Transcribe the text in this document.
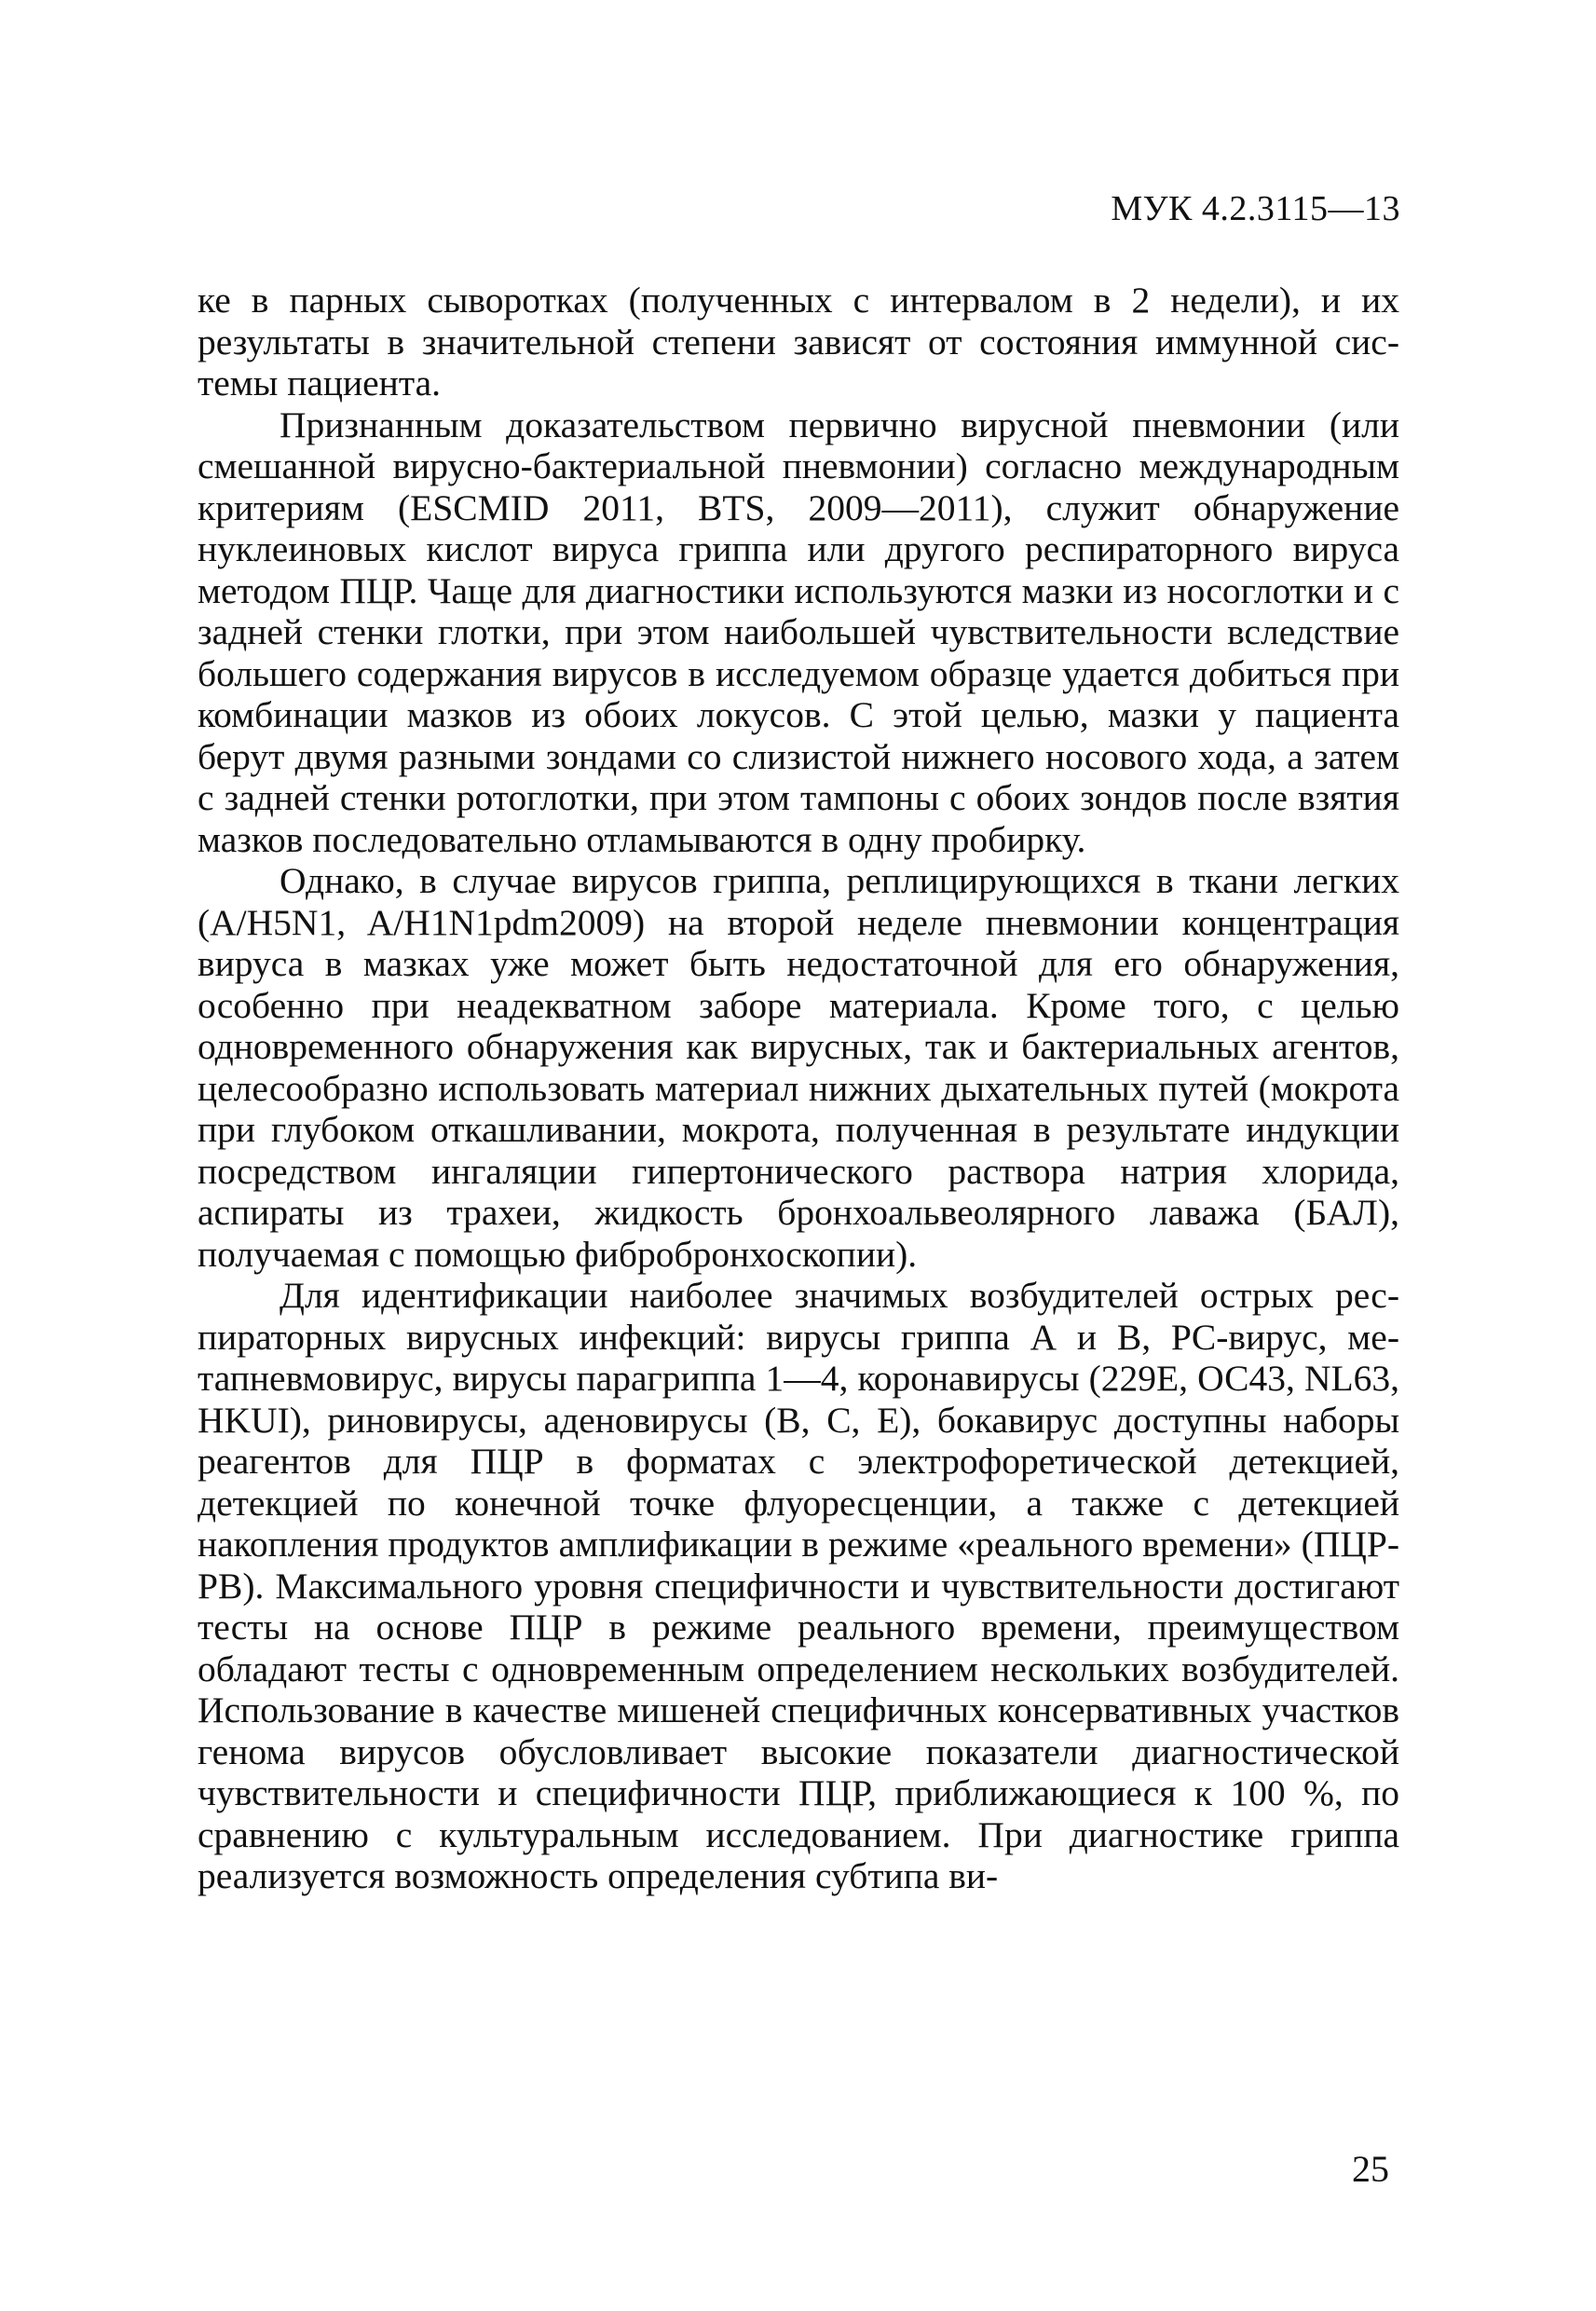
МУК 4.2.3115—13

ке в парных сыворотках (полученных с интервалом в 2 недели), и их результаты в значительной степени зависят от состояния иммунной системы пациента.

Признанным доказательством первично вирусной пневмонии (или смешанной вирусно-бактериальной пневмонии) согласно международным критериям (ESCMID 2011, BTS, 2009—2011), служит обнаружение нуклеиновых кислот вируса гриппа или другого респираторного вируса методом ПЦР. Чаще для диагностики используются мазки из носоглотки и с задней стенки глотки, при этом наибольшей чувствительности вследствие большего содержания вирусов в исследуемом образце удается добиться при комбинации мазков из обоих локусов. С этой целью, мазки у пациента берут двумя разными зондами со слизистой нижнего носового хода, а затем с задней стенки ротоглотки, при этом тампоны с обоих зондов после взятия мазков последовательно отламываются в одну пробирку.

Однако, в случае вирусов гриппа, реплицирующихся в ткани легких (A/H5N1, A/H1N1pdm2009) на второй неделе пневмонии концентрация вируса в мазках уже может быть недостаточной для его обнаружения, особенно при неадекватном заборе материала. Кроме того, с целью одновременного обнаружения как вирусных, так и бактериальных агентов, целесообразно использовать материал нижних дыхательных путей (мокрота при глубоком откашливании, мокрота, полученная в результате индукции посредством ингаляции гипертонического раствора натрия хлорида, аспираты из трахеи, жидкость бронхоальвеолярного лаважа (БАЛ), получаемая с помощью фибробронхоскопии).

Для идентификации наиболее значимых возбудителей острых респираторных вирусных инфекций: вирусы гриппа А и В, PC-вирус, метапневмовирус, вирусы парагриппа 1—4, коронавирусы (229Е, ОС43, NL63, HKUI), риновирусы, аденовирусы (В, С, Е), бокавирус доступны наборы реагентов для ПЦР в форматах с электрофоретической детекцией, детекцией по конечной точке флуоресценции, а также с детекцией накопления продуктов амплификации в режиме «реального времени» (ПЦР-РВ). Максимального уровня специфичности и чувствительности достигают тесты на основе ПЦР в режиме реального времени, преимуществом обладают тесты с одновременным определением нескольких возбудителей. Использование в качестве мишеней специфичных консервативных участков генома вирусов обусловливает высокие показатели диагностической чувствительности и специфичности ПЦР, приближающиеся к 100 %, по сравнению с культуральным исследованием. При диагностике гриппа реализуется возможность определения субтипа ви-

25
